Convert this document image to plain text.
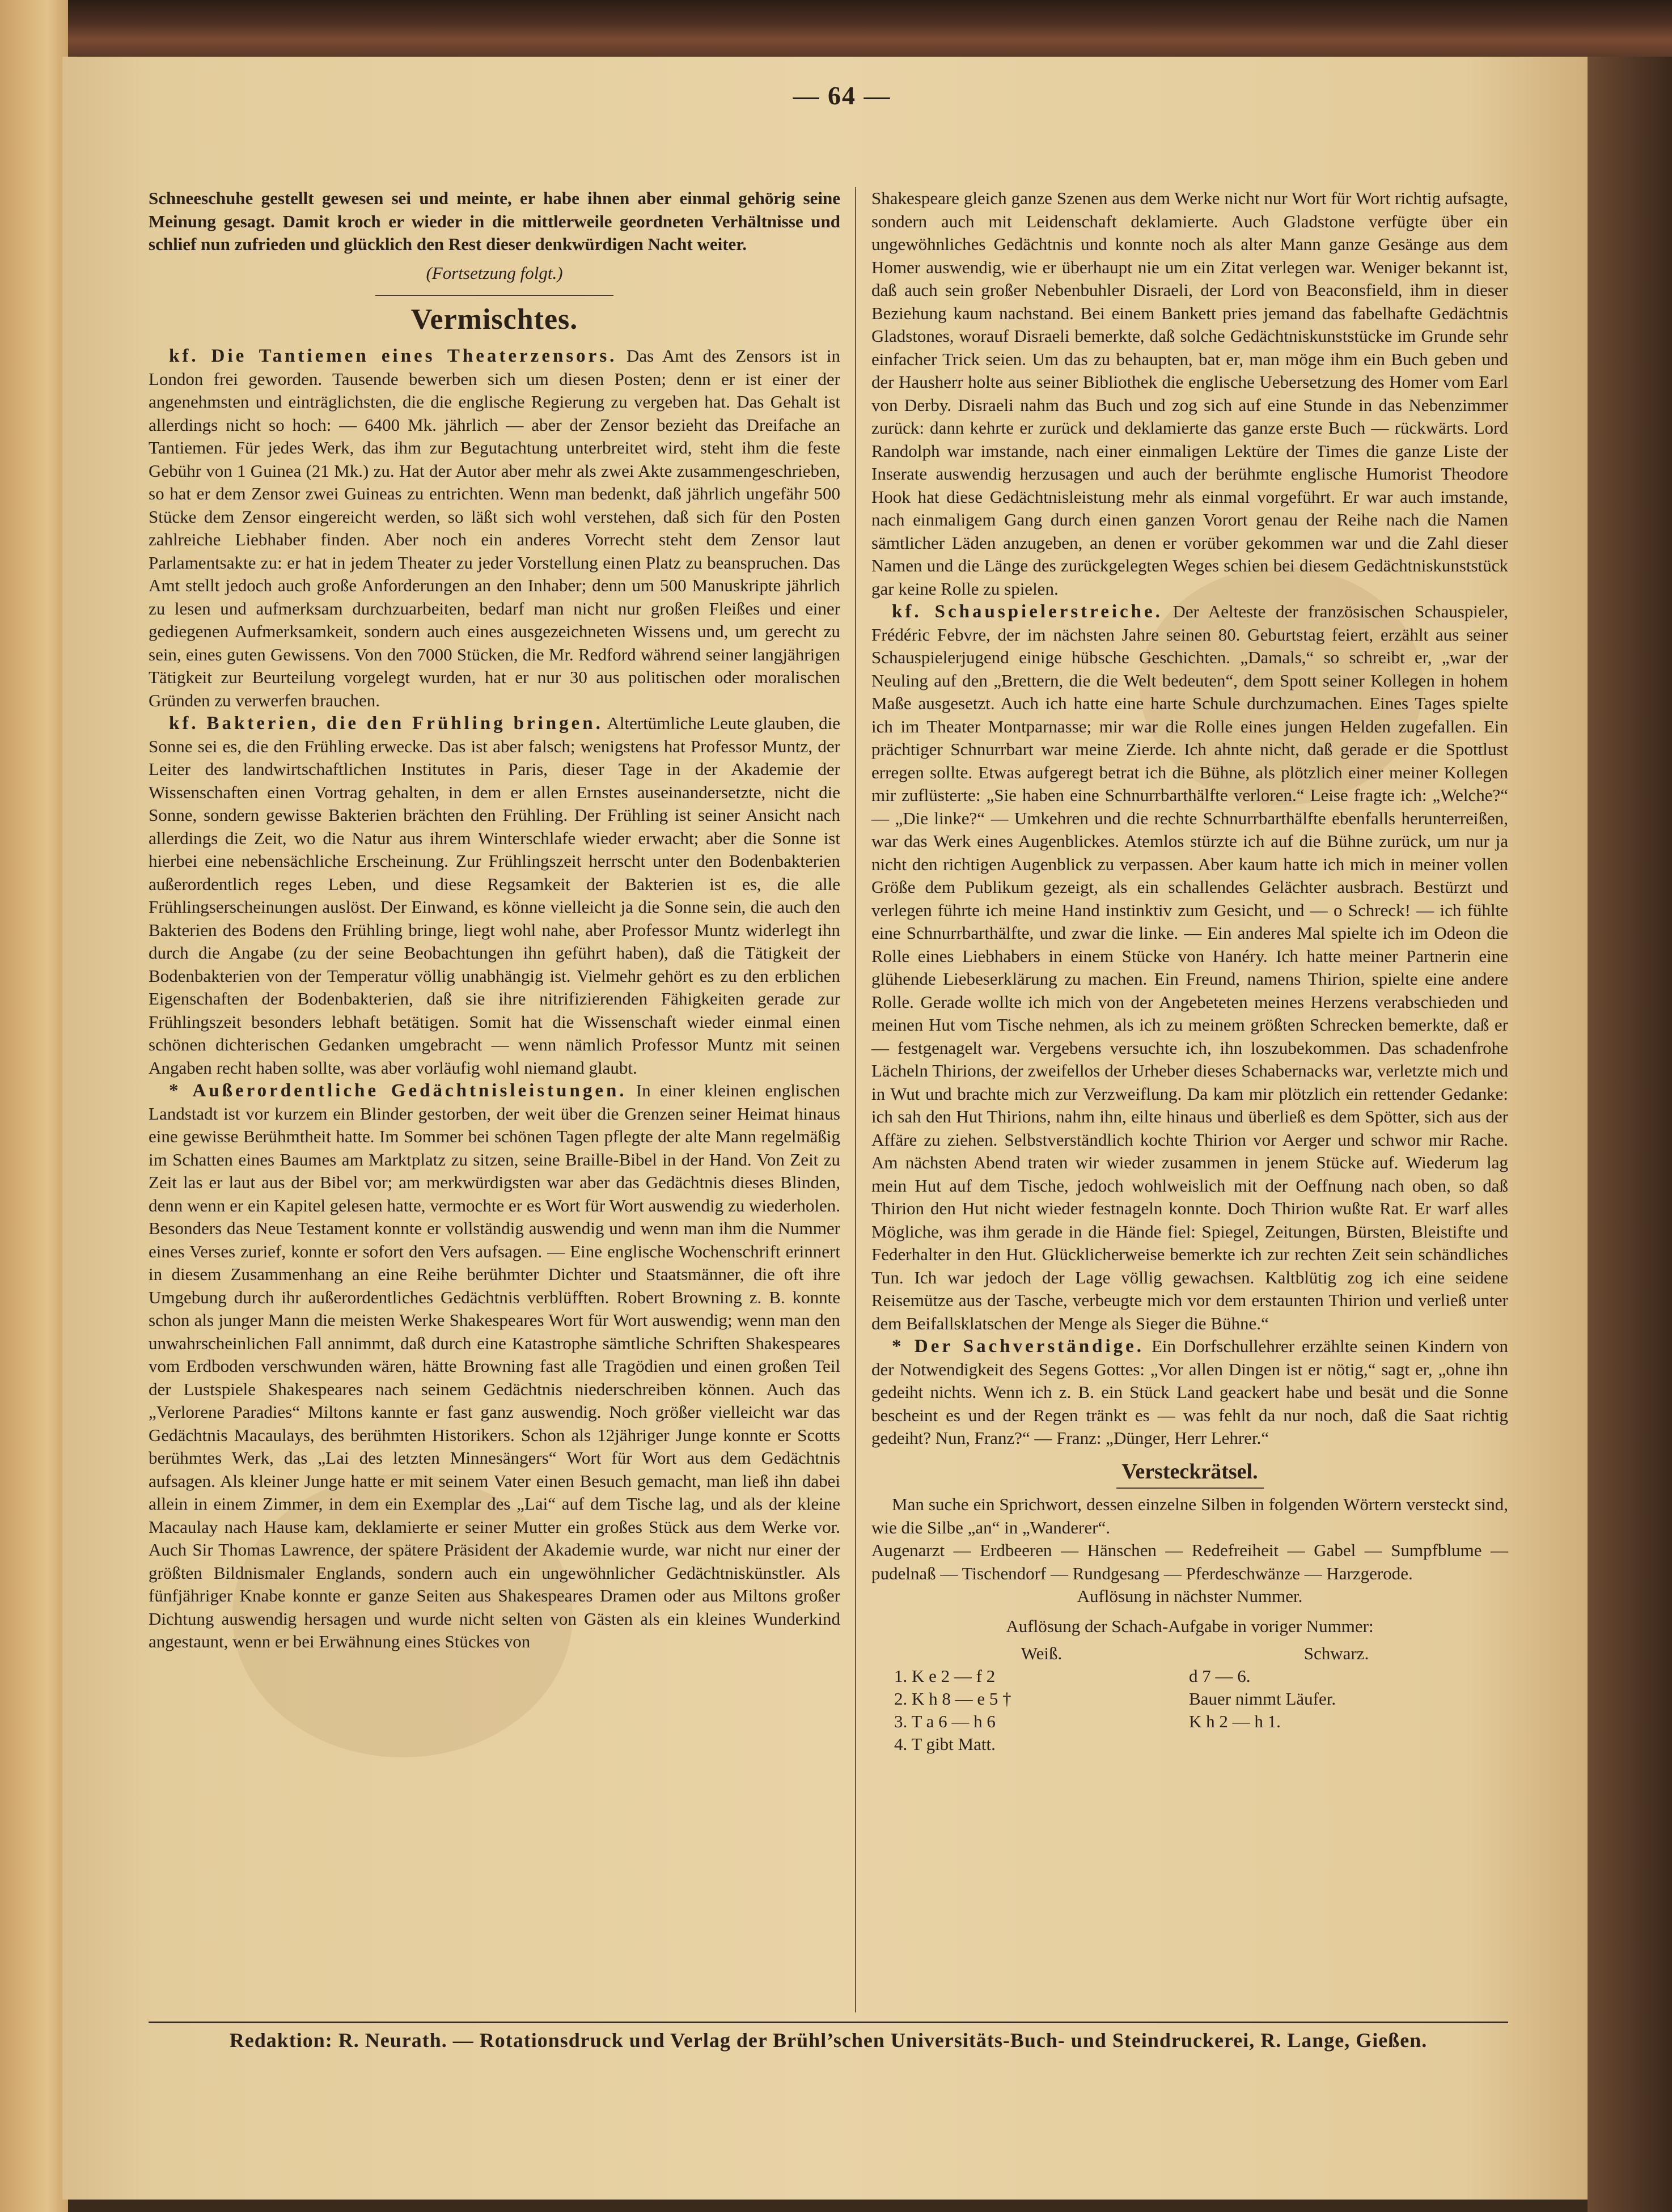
— 64 —

Schneeschuhe gestellt gewesen sei und meinte, er habe ihnen aber einmal gehörig seine Meinung gesagt. Damit kroch er wieder in die mittlerweile geordneten Verhältnisse und schlief nun zufrieden und glücklich den Rest dieser denkwürdigen Nacht weiter.

(Fortsetzung folgt.)

Vermischtes.

kf. Die Tantiemen eines Theaterzensors. Das Amt des Zensors ist in London frei geworden. Tausende bewerben sich um diesen Posten; denn er ist einer der angenehmsten und einträglichsten, die die englische Regierung zu vergeben hat. Das Gehalt ist allerdings nicht so hoch: — 6400 Mk. jährlich — aber der Zensor bezieht das Dreifache an Tantiemen. Für jedes Werk, das ihm zur Begutachtung unterbreitet wird, steht ihm die feste Gebühr von 1 Guinea (21 Mk.) zu. Hat der Autor aber mehr als zwei Akte zusammengeschrieben, so hat er dem Zensor zwei Guineas zu entrichten. Wenn man bedenkt, daß jährlich ungefähr 500 Stücke dem Zensor eingereicht werden, so läßt sich wohl verstehen, daß sich für den Posten zahlreiche Liebhaber finden. Aber noch ein anderes Vorrecht steht dem Zensor laut Parlamentsakte zu: er hat in jedem Theater zu jeder Vorstellung einen Platz zu beanspruchen. Das Amt stellt jedoch auch große Anforderungen an den Inhaber; denn um 500 Manuskripte jährlich zu lesen und aufmerksam durchzuarbeiten, bedarf man nicht nur großen Fleißes und einer gediegenen Aufmerksamkeit, sondern auch eines ausgezeichneten Wissens und, um gerecht zu sein, eines guten Gewissens. Von den 7000 Stücken, die Mr. Redford während seiner langjährigen Tätigkeit zur Beurteilung vorgelegt wurden, hat er nur 30 aus politischen oder moralischen Gründen zu verwerfen brauchen.

kf. Bakterien, die den Frühling bringen. Altertümliche Leute glauben, die Sonne sei es, die den Frühling erwecke. Das ist aber falsch; wenigstens hat Professor Muntz, der Leiter des landwirtschaftlichen Institutes in Paris, dieser Tage in der Akademie der Wissenschaften einen Vortrag gehalten, in dem er allen Ernstes auseinandersetzte, nicht die Sonne, sondern gewisse Bakterien brächten den Frühling. Der Frühling ist seiner Ansicht nach allerdings die Zeit, wo die Natur aus ihrem Winterschlafe wieder erwacht; aber die Sonne ist hierbei eine nebensächliche Erscheinung. Zur Frühlingszeit herrscht unter den Bodenbakterien außerordentlich reges Leben, und diese Regsamkeit der Bakterien ist es, die alle Frühlingserscheinungen auslöst. Der Einwand, es könne vielleicht ja die Sonne sein, die auch den Bakterien des Bodens den Frühling bringe, liegt wohl nahe, aber Professor Muntz widerlegt ihn durch die Angabe (zu der seine Beobachtungen ihn geführt haben), daß die Tätigkeit der Bodenbakterien von der Temperatur völlig unabhängig ist. Vielmehr gehört es zu den erblichen Eigenschaften der Bodenbakterien, daß sie ihre nitrifizierenden Fähigkeiten gerade zur Frühlingszeit besonders lebhaft betätigen. Somit hat die Wissenschaft wieder einmal einen schönen dichterischen Gedanken umgebracht — wenn nämlich Professor Muntz mit seinen Angaben recht haben sollte, was aber vorläufig wohl niemand glaubt.

* Außerordentliche Gedächtnisleistungen. In einer kleinen englischen Landstadt ist vor kurzem ein Blinder gestorben, der weit über die Grenzen seiner Heimat hinaus eine gewisse Berühmtheit hatte. Im Sommer bei schönen Tagen pflegte der alte Mann regelmäßig im Schatten eines Baumes am Marktplatz zu sitzen, seine Braille-Bibel in der Hand. Von Zeit zu Zeit las er laut aus der Bibel vor; am merkwürdigsten war aber das Gedächtnis dieses Blinden, denn wenn er ein Kapitel gelesen hatte, vermochte er es Wort für Wort auswendig zu wiederholen. Besonders das Neue Testament konnte er vollständig auswendig und wenn man ihm die Nummer eines Verses zurief, konnte er sofort den Vers aufsagen. — Eine englische Wochenschrift erinnert in diesem Zusammenhang an eine Reihe berühmter Dichter und Staatsmänner, die oft ihre Umgebung durch ihr außerordentliches Gedächtnis verblüfften. Robert Browning z. B. konnte schon als junger Mann die meisten Werke Shakespeares Wort für Wort auswendig; wenn man den unwahrscheinlichen Fall annimmt, daß durch eine Katastrophe sämtliche Schriften Shakespeares vom Erdboden verschwunden wären, hätte Browning fast alle Tragödien und einen großen Teil der Lustspiele Shakespeares nach seinem Gedächtnis niederschreiben können. Auch das „Verlorene Paradies“ Miltons kannte er fast ganz auswendig. Noch größer vielleicht war das Gedächtnis Macaulays, des berühmten Historikers. Schon als 12jähriger Junge konnte er Scotts berühmtes Werk, das „Lai des letzten Minnesängers“ Wort für Wort aus dem Gedächtnis aufsagen. Als kleiner Junge hatte er mit seinem Vater einen Besuch gemacht, man ließ ihn dabei allein in einem Zimmer, in dem ein Exemplar des „Lai“ auf dem Tische lag, und als der kleine Macaulay nach Hause kam, deklamierte er seiner Mutter ein großes Stück aus dem Werke vor. Auch Sir Thomas Lawrence, der spätere Präsident der Akademie wurde, war nicht nur einer der größten Bildnismaler Englands, sondern auch ein ungewöhnlicher Gedächtniskünstler. Als fünfjähriger Knabe konnte er ganze Seiten aus Shakespeares Dramen oder aus Miltons großer Dichtung auswendig hersagen und wurde nicht selten von Gästen als ein kleines Wunderkind angestaunt, wenn er bei Erwähnung eines Stückes von

Shakespeare gleich ganze Szenen aus dem Werke nicht nur Wort für Wort richtig aufsagte, sondern auch mit Leidenschaft deklamierte. Auch Gladstone verfügte über ein ungewöhnliches Gedächtnis und konnte noch als alter Mann ganze Gesänge aus dem Homer auswendig, wie er überhaupt nie um ein Zitat verlegen war. Weniger bekannt ist, daß auch sein großer Nebenbuhler Disraeli, der Lord von Beaconsfield, ihm in dieser Beziehung kaum nachstand. Bei einem Bankett pries jemand das fabelhafte Gedächtnis Gladstones, worauf Disraeli bemerkte, daß solche Gedächtniskunststücke im Grunde sehr einfacher Trick seien. Um das zu behaupten, bat er, man möge ihm ein Buch geben und der Hausherr holte aus seiner Bibliothek die englische Uebersetzung des Homer vom Earl von Derby. Disraeli nahm das Buch und zog sich auf eine Stunde in das Nebenzimmer zurück: dann kehrte er zurück und deklamierte das ganze erste Buch — rückwärts. Lord Randolph war imstande, nach einer einmaligen Lektüre der Times die ganze Liste der Inserate auswendig herzusagen und auch der berühmte englische Humorist Theodore Hook hat diese Gedächtnisleistung mehr als einmal vorgeführt. Er war auch imstande, nach einmaligem Gang durch einen ganzen Vorort genau der Reihe nach die Namen sämtlicher Läden anzugeben, an denen er vorüber gekommen war und die Zahl dieser Namen und die Länge des zurückgelegten Weges schien bei diesem Gedächtniskunststück gar keine Rolle zu spielen.

kf. Schauspielerstreiche. Der Aelteste der französischen Schauspieler, Frédéric Febvre, der im nächsten Jahre seinen 80. Geburtstag feiert, erzählt aus seiner Schauspielerjugend einige hübsche Geschichten. „Damals,“ so schreibt er, „war der Neuling auf den „Brettern, die die Welt bedeuten“, dem Spott seiner Kollegen in hohem Maße ausgesetzt. Auch ich hatte eine harte Schule durchzumachen. Eines Tages spielte ich im Theater Montparnasse; mir war die Rolle eines jungen Helden zugefallen. Ein prächtiger Schnurrbart war meine Zierde. Ich ahnte nicht, daß gerade er die Spottlust erregen sollte. Etwas aufgeregt betrat ich die Bühne, als plötzlich einer meiner Kollegen mir zuflüsterte: „Sie haben eine Schnurrbarthälfte verloren.“ Leise fragte ich: „Welche?“ — „Die linke?“ — Umkehren und die rechte Schnurrbarthälfte ebenfalls herunterreißen, war das Werk eines Augenblickes. Atemlos stürzte ich auf die Bühne zurück, um nur ja nicht den richtigen Augenblick zu verpassen. Aber kaum hatte ich mich in meiner vollen Größe dem Publikum gezeigt, als ein schallendes Gelächter ausbrach. Bestürzt und verlegen führte ich meine Hand instinktiv zum Gesicht, und — o Schreck! — ich fühlte eine Schnurrbarthälfte, und zwar die linke. — Ein anderes Mal spielte ich im Odeon die Rolle eines Liebhabers in einem Stücke von Hanéry. Ich hatte meiner Partnerin eine glühende Liebeserklärung zu machen. Ein Freund, namens Thirion, spielte eine andere Rolle. Gerade wollte ich mich von der Angebeteten meines Herzens verabschieden und meinen Hut vom Tische nehmen, als ich zu meinem größten Schrecken bemerkte, daß er — festgenagelt war. Vergebens versuchte ich, ihn loszubekommen. Das schadenfrohe Lächeln Thirions, der zweifellos der Urheber dieses Schabernacks war, verletzte mich und in Wut und brachte mich zur Verzweiflung. Da kam mir plötzlich ein rettender Gedanke: ich sah den Hut Thirions, nahm ihn, eilte hinaus und überließ es dem Spötter, sich aus der Affäre zu ziehen. Selbstverständlich kochte Thirion vor Aerger und schwor mir Rache. Am nächsten Abend traten wir wieder zusammen in jenem Stücke auf. Wiederum lag mein Hut auf dem Tische, jedoch wohlweislich mit der Oeffnung nach oben, so daß Thirion den Hut nicht wieder festnageln konnte. Doch Thirion wußte Rat. Er warf alles Mögliche, was ihm gerade in die Hände fiel: Spiegel, Zeitungen, Bürsten, Bleistifte und Federhalter in den Hut. Glücklicherweise bemerkte ich zur rechten Zeit sein schändliches Tun. Ich war jedoch der Lage völlig gewachsen. Kaltblütig zog ich eine seidene Reisemütze aus der Tasche, verbeugte mich vor dem erstaunten Thirion und verließ unter dem Beifallsklatschen der Menge als Sieger die Bühne.“

* Der Sachverständige. Ein Dorfschullehrer erzählte seinen Kindern von der Notwendigkeit des Segens Gottes: „Vor allen Dingen ist er nötig,“ sagt er, „ohne ihn gedeiht nichts. Wenn ich z. B. ein Stück Land geackert habe und besät und die Sonne bescheint es und der Regen tränkt es — was fehlt da nur noch, daß die Saat richtig gedeiht? Nun, Franz?“ — Franz: „Dünger, Herr Lehrer.“

Versteckrätsel.

Man suche ein Sprichwort, dessen einzelne Silben in folgenden Wörtern versteckt sind, wie die Silbe „an“ in „Wanderer“.

Augenarzt — Erdbeeren — Hänschen — Redefreiheit — Gabel — Sumpfblume — pudelnaß — Tischendorf — Rundgesang — Pferdeschwänze — Harzgerode.

Auflösung in nächster Nummer.

Auflösung der Schach-Aufgabe in voriger Nummer:

Weiß.	Schwarz.
1. K e 2 — f 2	d 7 — 6.
2. K h 8 — e 5 †	Bauer nimmt Läufer.
3. T a 6 — h 6	K h 2 — h 1.
4. T gibt Matt.
Redaktion: R. Neurath. — Rotationsdruck und Verlag der Brühl’schen Universitäts-Buch- und Steindruckerei, R. Lange, Gießen.
